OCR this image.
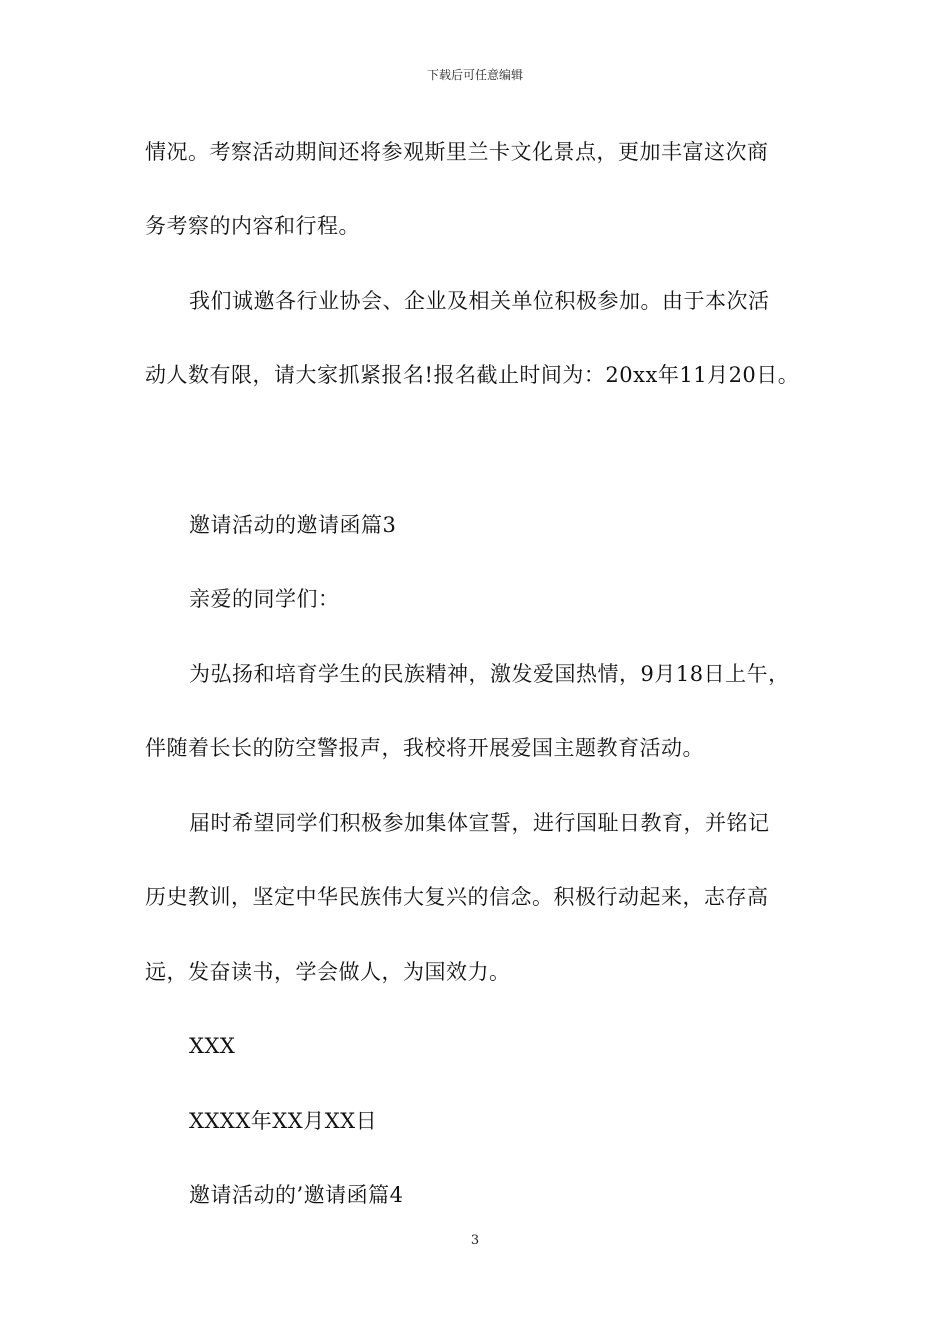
下载后可任意编辑
情况。考察活动期间还将参观斯里兰卡文化景点，更加丰富这次商
务考察的内容和行程。
我们诚邀各行业协会、企业及相关单位积极参加。由于本次活
动人数有限，请大家抓紧报名!报名截止时间为：20xx年11月20日。
邀请活动的邀请函篇3
亲爱的同学们：
为弘扬和培育学生的民族精神，激发爱国热情，9月18日上午，
伴随着长长的防空警报声，我校将开展爱国主题教育活动。
届时希望同学们积极参加集体宣誓，进行国耻日教育，并铭记
历史教训，坚定中华民族伟大复兴的信念。积极行动起来，志存高
远，发奋读书，学会做人，为国效力。
XXX
XXXX年XX月XX日
邀请活动的’邀请函篇4
3
